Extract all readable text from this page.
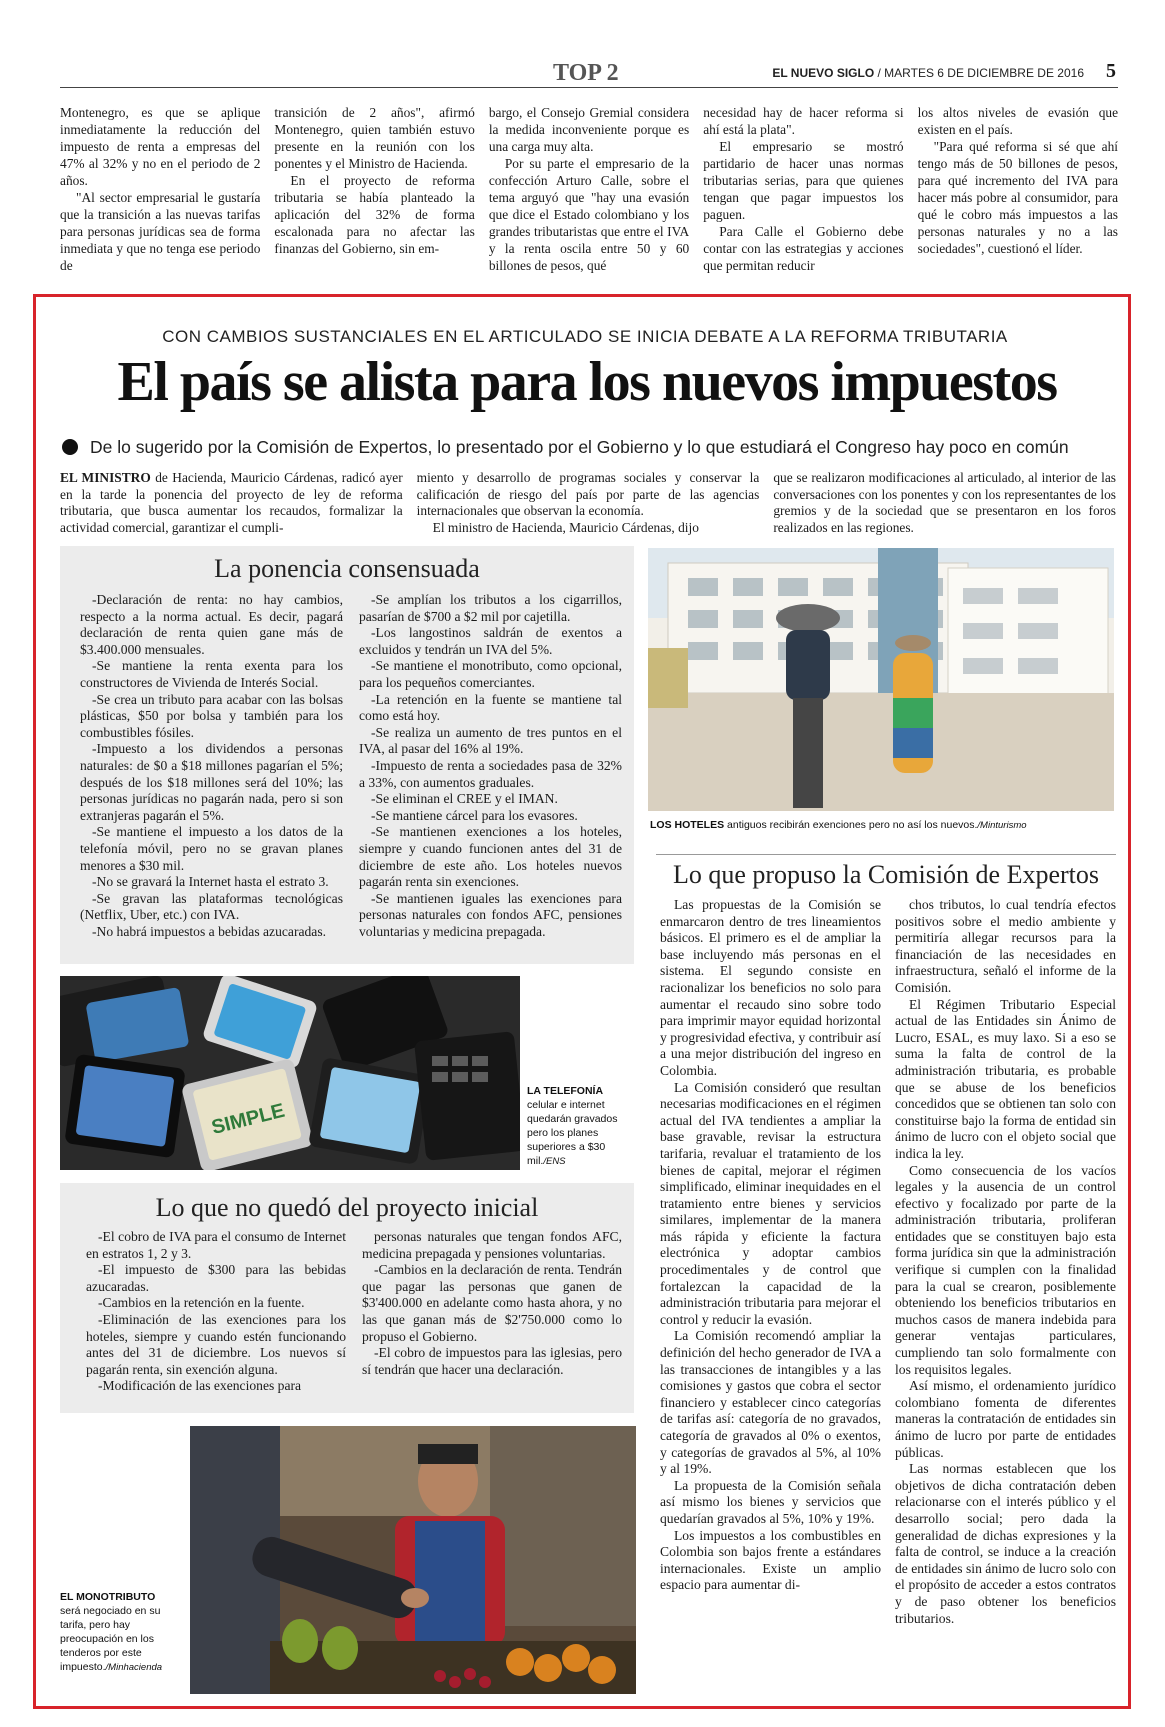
TOP 2	EL NUEVO SIGLO / MARTES 6 DE DICIEMBRE DE 2016 5

Montenegro, es que se aplique inmediatamente la reducción del impuesto de renta a empresas del 47% al 32% y no en el periodo de 2 años.

"Al sector empresarial le gustaría que la transición a las nuevas tarifas para personas jurídicas sea de forma inmediata y que no tenga ese periodo de

transición de 2 años", afirmó Montenegro, quien también estuvo presente en la reunión con los ponentes y el Ministro de Hacienda.

En el proyecto de reforma tributaria se había planteado la aplicación del 32% de forma escalonada para no afectar las finanzas del Gobierno, sin em-

bargo, el Consejo Gremial considera la medida inconveniente porque es una carga muy alta.

Por su parte el empresario de la confección Arturo Calle, sobre el tema arguyó que "hay una evasión que dice el Estado colombiano y los grandes tributaristas que entre el IVA y la renta oscila entre 50 y 60 billones de pesos, qué

necesidad hay de hacer reforma si ahí está la plata".

El empresario se mostró partidario de hacer unas normas tributarias serias, para que quienes tengan que pagar impuestos los paguen.

Para Calle el Gobierno debe contar con las estrategias y acciones que permitan reducir

los altos niveles de evasión que existen en el país.

"Para qué reforma si sé que ahí tengo más de 50 billones de pesos, para qué incremento del IVA para hacer más pobre al consumidor, para qué le cobro más impuestos a las personas naturales y no a las sociedades", cuestionó el líder.

CON CAMBIOS SUSTANCIALES EN EL ARTICULADO SE INICIA DEBATE A LA REFORMA TRIBUTARIA
El país se alista para los nuevos impuestos
De lo sugerido por la Comisión de Expertos, lo presentado por el Gobierno y lo que estudiará el Congreso hay poco en común
EL MINISTRO de Hacienda, Mauricio Cárdenas, radicó ayer en la tarde la ponencia del proyecto de ley de reforma tributaria, que busca aumentar los recaudos, formalizar la actividad comercial, garantizar el cumpli-

miento y desarrollo de programas sociales y conservar la calificación de riesgo del país por parte de las agencias internacionales que observan la economía.

El ministro de Hacienda, Mauricio Cárdenas, dijo

que se realizaron modificaciones al articulado, al interior de las conversaciones con los ponentes y con los representantes de los gremios y de la sociedad que se presentaron en los foros realizados en las regiones.
La ponencia consensuada

-Declaración de renta: no hay cambios, respecto a la norma actual. Es decir, pagará declaración de renta quien gane más de $3.400.000 mensuales.

-Se mantiene la renta exenta para los constructores de Vivienda de Interés Social.

-Se crea un tributo para acabar con las bolsas plásticas, $50 por bolsa y también para los combustibles fósiles.

-Impuesto a los dividendos a personas naturales: de $0 a $18 millones pagarían el 5%; después de los $18 millones será del 10%; las personas jurídicas no pagarán nada, pero si son extranjeras pagarán el 5%.

-Se mantiene el impuesto a los datos de la telefonía móvil, pero no se gravan planes menores a $30 mil.

-No se gravará la Internet hasta el estrato 3.

-Se gravan las plataformas tecnológicas (Netflix, Uber, etc.) con IVA.

-No habrá impuestos a bebidas azucaradas.

-Se amplían los tributos a los cigarrillos, pasarían de $700 a $2 mil por cajetilla.

-Los langostinos saldrán de exentos a excluidos y tendrán un IVA del 5%.

-Se mantiene el monotributo, como opcional, para los pequeños comerciantes.

-La retención en la fuente se mantiene tal como está hoy.

-Se realiza un aumento de tres puntos en el IVA, al pasar del 16% al 19%.

-Impuesto de renta a sociedades pasa de 32% a 33%, con aumentos graduales.

-Se eliminan el CREE y el IMAN.

-Se mantiene cárcel para los evasores.

-Se mantienen exenciones a los hoteles, siempre y cuando funcionen antes del 31 de diciembre de este año. Los hoteles nuevos pagarán renta sin exenciones.

-Se mantienen iguales las exenciones para personas naturales con fondos AFC, pensiones voluntarias y medicina prepagada.

LOS HOTELES antiguos recibirán exenciones pero no así los nuevos./Minturismo
Lo que propuso la Comisión de Expertos

Las propuestas de la Comisión se enmarcaron dentro de tres lineamientos básicos. El primero es el de ampliar la base incluyendo más personas en el sistema. El segundo consiste en racionalizar los beneficios no solo para aumentar el recaudo sino sobre todo para imprimir mayor equidad horizontal y progresividad efectiva, y contribuir así a una mejor distribución del ingreso en Colombia.

La Comisión consideró que resultan necesarias modificaciones en el régimen actual del IVA tendientes a ampliar la base gravable, revisar la estructura tarifaria, revaluar el tratamiento de los bienes de capital, mejorar el régimen simplificado, eliminar inequidades en el tratamiento entre bienes y servicios similares, implementar de la manera más rápida y eficiente la factura electrónica y adoptar cambios procedimentales y de control que fortalezcan la capacidad de la administración tributaria para mejorar el control y reducir la evasión.

La Comisión recomendó ampliar la definición del hecho generador de IVA a las transacciones de intangibles y a las comisiones y gastos que cobra el sector financiero y establecer cinco categorías de tarifas así: categoría de no gravados, categoría de gravados al 0% o exentos, y categorías de gravados al 5%, al 10% y al 19%.

La propuesta de la Comisión señala así mismo los bienes y servicios que quedarían gravados al 5%, 10% y 19%.

Los impuestos a los combustibles en Colombia son bajos frente a estándares internacionales. Existe un amplio espacio para aumentar di-

chos tributos, lo cual tendría efectos positivos sobre el medio ambiente y permitiría allegar recursos para la financiación de las necesidades en infraestructura, señaló el informe de la Comisión.

El Régimen Tributario Especial actual de las Entidades sin Ánimo de Lucro, ESAL, es muy laxo. Si a eso se suma la falta de control de la administración tributaria, es probable que se abuse de los beneficios concedidos que se obtienen tan solo con constituirse bajo la forma de entidad sin ánimo de lucro con el objeto social que indica la ley.

Como consecuencia de los vacíos legales y la ausencia de un control efectivo y focalizado por parte de la administración tributaria, proliferan entidades que se constituyen bajo esta forma jurídica sin que la administración verifique si cumplen con la finalidad para la cual se crearon, posiblemente obteniendo los beneficios tributarios en muchos casos de manera indebida para generar ventajas particulares, cumpliendo tan solo formalmente con los requisitos legales.

Así mismo, el ordenamiento jurídico colombiano fomenta de diferentes maneras la contratación de entidades sin ánimo de lucro por parte de entidades públicas.

Las normas establecen que los objetivos de dicha contratación deben relacionarse con el interés público y el desarrollo social; pero dada la generalidad de dichas expresiones y la falta de control, se induce a la creación de entidades sin ánimo de lucro solo con el propósito de acceder a estos contratos y de paso obtener los beneficios tributarios.

SIMPLE
LA TELEFONÍA
celular e internet quedarán gravados pero los planes superiores a $30 mil./ENS
Lo que no quedó del proyecto inicial

-El cobro de IVA para el consumo de Internet en estratos 1, 2 y 3.

-El impuesto de $300 para las bebidas azucaradas.

-Cambios en la retención en la fuente.

-Eliminación de las exenciones para los hoteles, siempre y cuando estén funcionando antes del 31 de diciembre. Los nuevos sí pagarán renta, sin exención alguna.

-Modificación de las exenciones para

personas naturales que tengan fondos AFC, medicina prepagada y pensiones voluntarias.

-Cambios en la declaración de renta. Tendrán que pagar las personas que ganen de $3'400.000 en adelante como hasta ahora, y no las que ganan más de $2'750.000 como lo propuso el Gobierno.

-El cobro de impuestos para las iglesias, pero sí tendrán que hacer una declaración.

EL MONOTRIBUTO
será negociado en su tarifa, pero hay preocupación en los tenderos por este impuesto./Minhacienda
